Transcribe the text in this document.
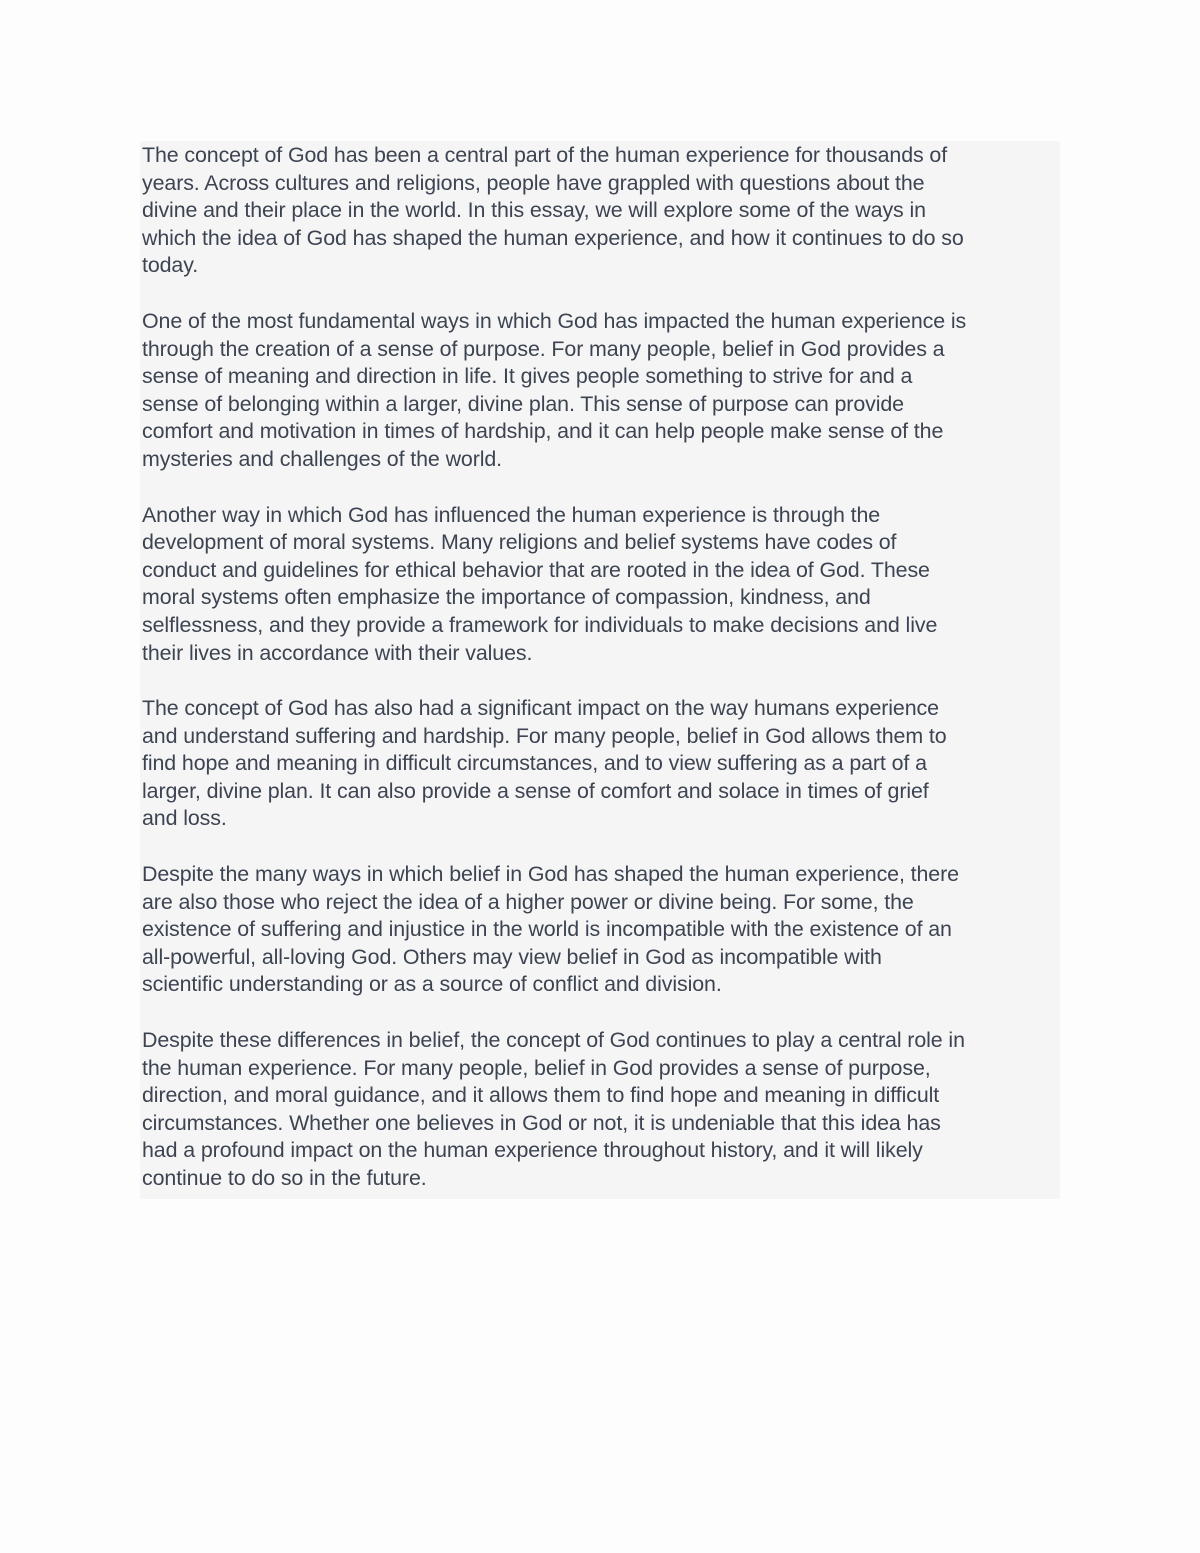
The concept of God has been a central part of the human experience for thousands of
years. Across cultures and religions, people have grappled with questions about the
divine and their place in the world. In this essay, we will explore some of the ways in
which the idea of God has shaped the human experience, and how it continues to do so
today.

One of the most fundamental ways in which God has impacted the human experience is
through the creation of a sense of purpose. For many people, belief in God provides a
sense of meaning and direction in life. It gives people something to strive for and a
sense of belonging within a larger, divine plan. This sense of purpose can provide
comfort and motivation in times of hardship, and it can help people make sense of the
mysteries and challenges of the world.

Another way in which God has influenced the human experience is through the
development of moral systems. Many religions and belief systems have codes of
conduct and guidelines for ethical behavior that are rooted in the idea of God. These
moral systems often emphasize the importance of compassion, kindness, and
selflessness, and they provide a framework for individuals to make decisions and live
their lives in accordance with their values.

The concept of God has also had a significant impact on the way humans experience
and understand suffering and hardship. For many people, belief in God allows them to
find hope and meaning in difficult circumstances, and to view suffering as a part of a
larger, divine plan. It can also provide a sense of comfort and solace in times of grief
and loss.

Despite the many ways in which belief in God has shaped the human experience, there
are also those who reject the idea of a higher power or divine being. For some, the
existence of suffering and injustice in the world is incompatible with the existence of an
all-powerful, all-loving God. Others may view belief in God as incompatible with
scientific understanding or as a source of conflict and division.

Despite these differences in belief, the concept of God continues to play a central role in
the human experience. For many people, belief in God provides a sense of purpose,
direction, and moral guidance, and it allows them to find hope and meaning in difficult
circumstances. Whether one believes in God or not, it is undeniable that this idea has
had a profound impact on the human experience throughout history, and it will likely
continue to do so in the future.
